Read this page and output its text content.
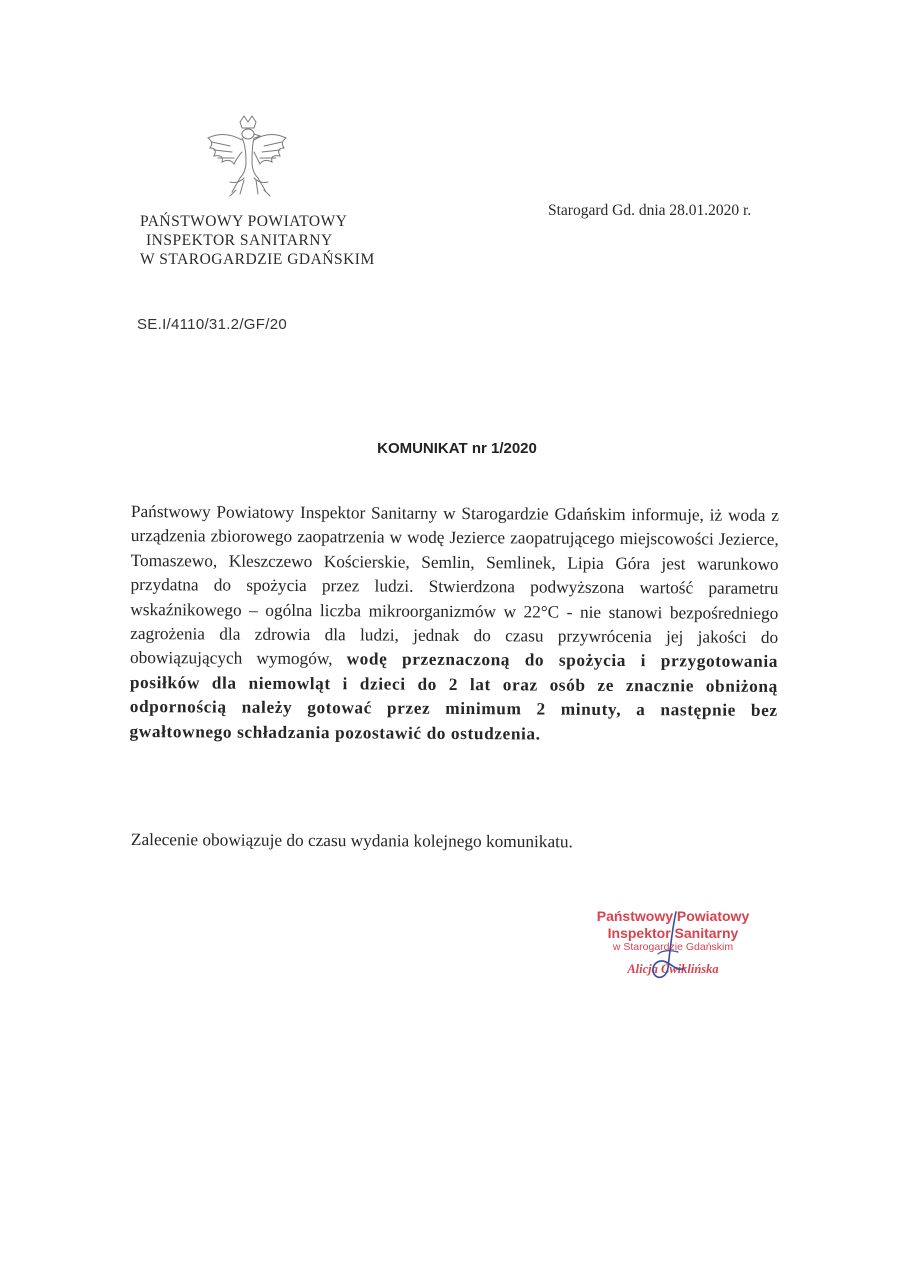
PAŃSTWOWY POWIATOWY
INSPEKTOR SANITARNY
W STAROGARDZIE GDAŃSKIM
Starogard Gd. dnia 28.01.2020 r.
SE.I/4110/31.2/GF/20
KOMUNIKAT nr 1/2020
Państwowy Powiatowy Inspektor Sanitarny w Starogardzie Gdańskim informuje, iż woda z urządzenia zbiorowego zaopatrzenia w wodę Jezierce zaopatrującego miejscowości Jezierce, Tomaszewo, Kleszczewo Kościerskie, Semlin, Semlinek, Lipia Góra jest warunkowo przydatna do spożycia przez ludzi. Stwierdzona podwyższona wartość parametru wskaźnikowego – ogólna liczba mikroorganizmów w 22°C - nie stanowi bezpośredniego zagrożenia dla zdrowia dla ludzi, jednak do czasu przywrócenia jej jakości do obowiązujących wymogów, wodę przeznaczoną do spożycia i przygotowania posiłków dla niemowląt i dzieci do 2 lat oraz osób ze znacznie obniżoną odpornością należy gotować przez minimum 2 minuty, a następnie bez gwałtownego schładzania pozostawić do ostudzenia.
Zalecenie obowiązuje do czasu wydania kolejnego komunikatu.
Państwowy Powiatowy
Inspektor Sanitarny
w Starogardzie Gdańskim
Alicja Ćwiklińska
